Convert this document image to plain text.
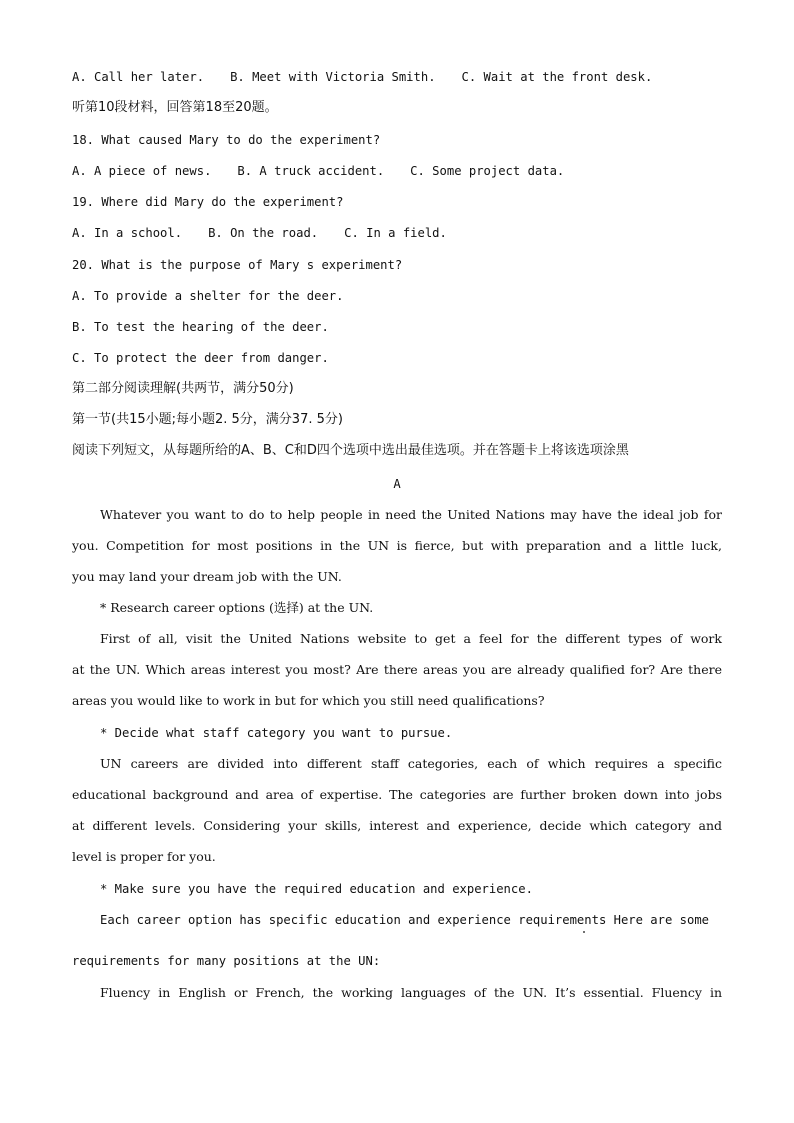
A. Call her later. B. Meet with Victoria Smith. C. Wait at the front desk.
听第10段材料，回答第18至20题。
18. What caused Mary to do the experiment?
A. A piece of news. B. A truck accident. C. Some project data.
19. Where did Mary do the experiment?
A. In a school. B. On the road. C. In a field.
20. What is the purpose of Mary s experiment?
A. To provide a shelter for the deer.
B. To test the hearing of the deer.
C. To protect the deer from danger.
第二部分阅读理解(共两节，满分50分)
第一节(共15小题;每小题2. 5分，满分37. 5分)
阅读下列短文，从每题所给的A、B、C和D四个选项中选出最佳选项。并在答题卡上将该选项涂黑
A
Whatever you want to do to help people in need the United Nations may have the ideal job for
you. Competition for most positions in the UN is fierce, but with preparation and a little luck,
you may land your dream job with the UN.
* Research career options (选择) at the UN.
First of all, visit the United Nations website to get a feel for the different types of work
at the UN. Which areas interest you most? Are there areas you are already qualified for? Are there
areas you would like to work in but for which you still need qualifications?
* Decide what staff category you want to pursue.
UN careers are divided into different staff categories, each of which requires a specific
educational background and area of expertise. The categories are further broken down into jobs
at different levels. Considering your skills, interest and experience, decide which category and
level is proper for you.
* Make sure you have the required education and experience.
Each career option has specific education and experience requirements Here are some
requirements for many positions at the UN:
Fluency in English or French, the working languages of the UN. It’s essential. Fluency in
